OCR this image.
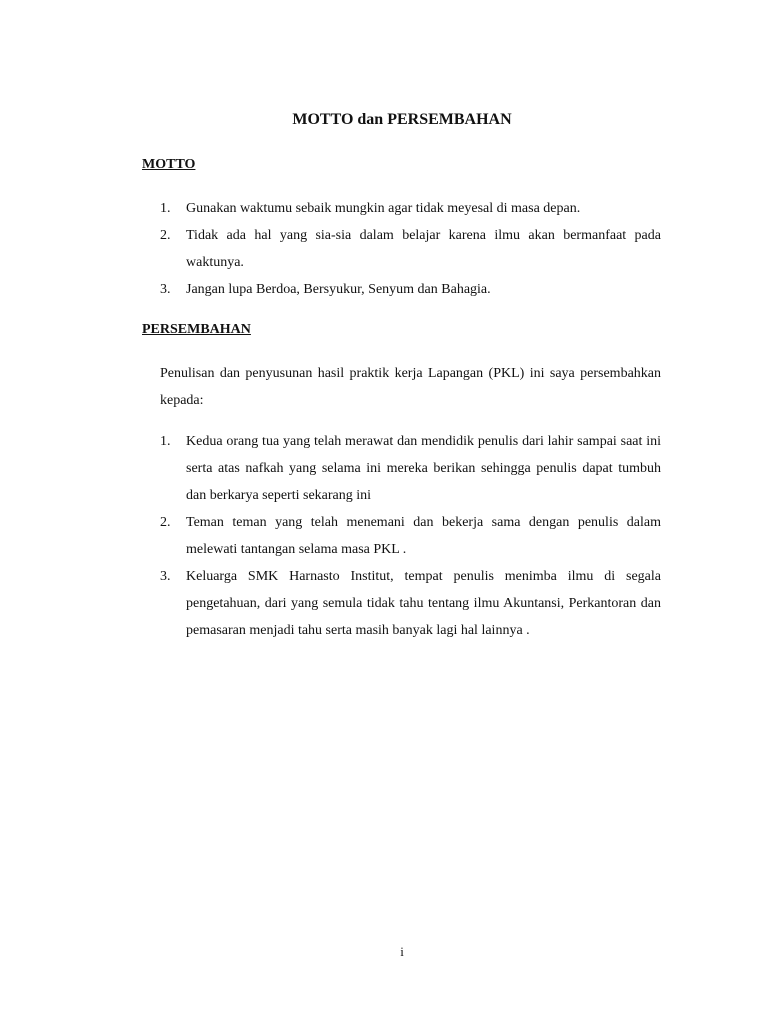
MOTTO dan PERSEMBAHAN
MOTTO
1. Gunakan waktumu sebaik mungkin agar tidak meyesal di masa depan.
2. Tidak ada hal yang sia-sia dalam belajar karena ilmu akan bermanfaat pada waktunya.
3. Jangan lupa Berdoa, Bersyukur, Senyum dan Bahagia.
PERSEMBAHAN

Penulisan dan penyusunan hasil praktik kerja Lapangan (PKL) ini saya persembahkan kepada:

1. Kedua orang tua yang telah merawat dan mendidik penulis dari lahir sampai saat ini serta atas nafkah yang selama ini mereka berikan sehingga penulis dapat tumbuh dan berkarya seperti sekarang ini
2. Teman teman yang telah menemani dan bekerja sama dengan penulis dalam melewati tantangan selama masa PKL .
3. Keluarga SMK Harnasto Institut, tempat penulis menimba ilmu di segala pengetahuan, dari yang semula tidak tahu tentang ilmu Akuntansi, Perkantoran dan pemasaran menjadi tahu serta masih banyak lagi hal lainnya .
i
